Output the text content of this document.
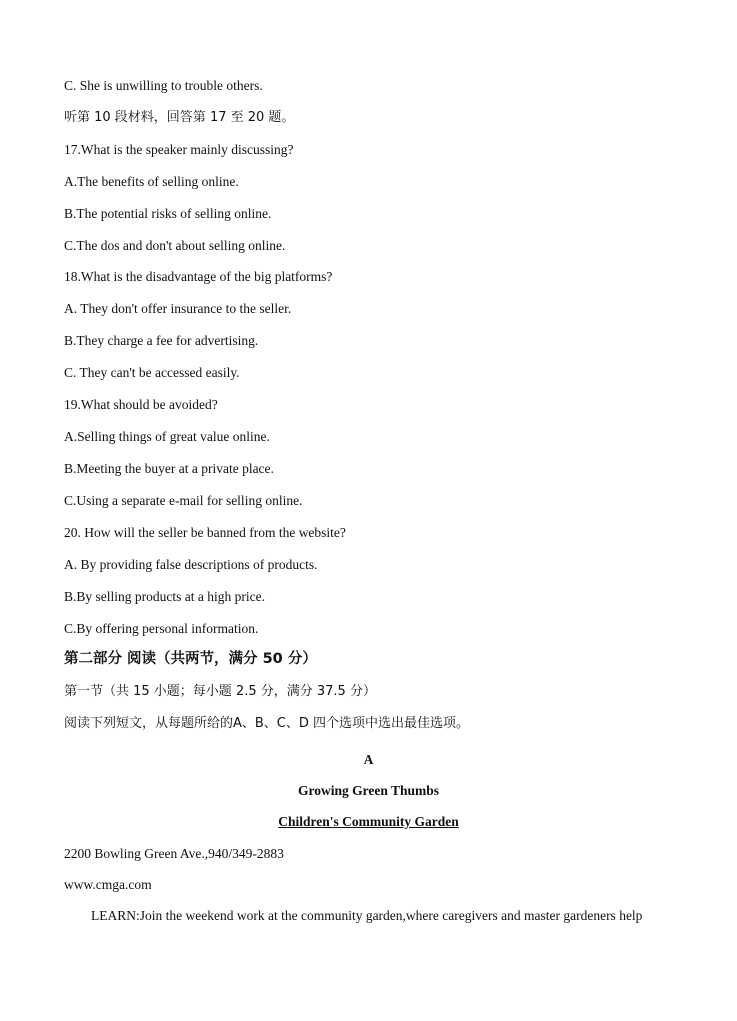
C. She is unwilling to trouble others.
听第 10 段材料，回答第 17 至 20 题。
17.What is the speaker mainly discussing?
A.The benefits of selling online.
B.The potential risks of selling online.
C.The dos and don't about selling online.
18.What is the disadvantage of the big platforms?
A. They don't offer insurance to the seller.
B.They charge a fee for advertising.
C. They can't be accessed easily.
19.What should be avoided?
A.Selling things of great value online.
B.Meeting the buyer at a private place.
C.Using a separate e-mail for selling online.
20. How will the seller be banned from the website?
A. By providing false descriptions of products.
B.By selling products at a high price.
C.By offering personal information.
第二部分 阅读（共两节，满分 50 分）
第一节（共 15 小题；每小题 2.5 分，满分 37.5 分）
阅读下列短文，从每题所给的A、B、C、D 四个选项中选出最佳选项。
A
Growing Green Thumbs
Children's Community Garden
2200 Bowling Green Ave.,940/349-2883
www.cmga.com
LEARN:Join the weekend work at the community garden,where caregivers and master gardeners help
